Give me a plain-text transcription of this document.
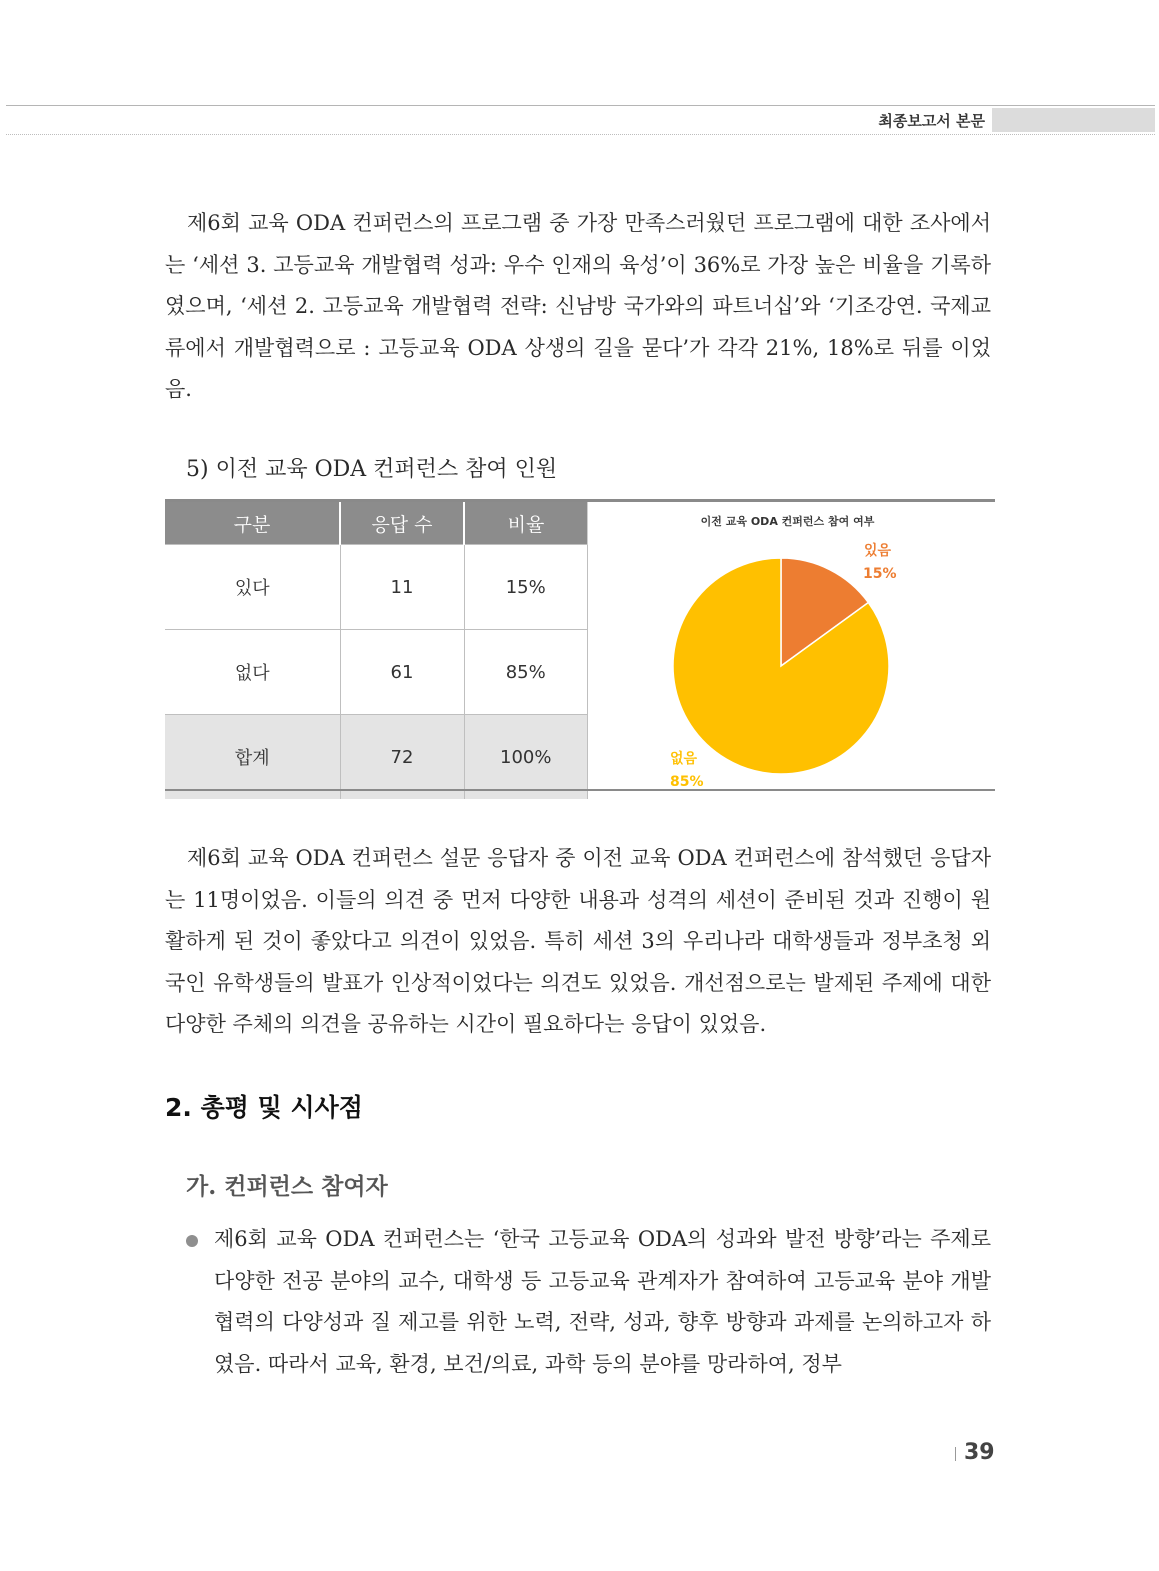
최종보고서 본문

제6회 교육 ODA 컨퍼런스의 프로그램 중 가장 만족스러웠던 프로그램에 대한 조사에서는 ‘세션 3. 고등교육 개발협력 성과: 우수 인재의 육성’이 36%로 가장 높은 비율을 기록하였으며, ‘세션 2. 고등교육 개발협력 전략: 신남방 국가와의 파트너십’와 ‘기조강연. 국제교류에서 개발협력으로 : 고등교육 ODA 상생의 길을 묻다’가 각각 21%, 18%로 뒤를 이었음.

5) 이전 교육 ODA 컨퍼런스 참여 인원
구분	응답 수	비율
있다	11	15%
없다	61	85%
합계	72	100%
이전 교육 ODA 컨퍼런스 참여 여부
있음
15%
없음
85%

제6회 교육 ODA 컨퍼런스 설문 응답자 중 이전 교육 ODA 컨퍼런스에 참석했던 응답자는 11명이었음. 이들의 의견 중 먼저 다양한 내용과 성격의 세션이 준비된 것과 진행이 원활하게 된 것이 좋았다고 의견이 있었음. 특히 세션 3의 우리나라 대학생들과 정부초청 외국인 유학생들의 발표가 인상적이었다는 의견도 있었음. 개선점으로는 발제된 주제에 대한 다양한 주체의 의견을 공유하는 시간이 필요하다는 응답이 있었음.

2. 총평 및 시사점
가. 컨퍼런스 참여자

제6회 교육 ODA 컨퍼런스는 ‘한국 고등교육 ODA의 성과와 발전 방향’라는 주제로 다양한 전공 분야의 교수, 대학생 등 고등교육 관계자가 참여하여 고등교육 분야 개발협력의 다양성과 질 제고를 위한 노력, 전략, 성과, 향후 방향과 과제를 논의하고자 하였음. 따라서 교육, 환경, 보건/의료, 과학 등의 분야를 망라하여, 정부

39
